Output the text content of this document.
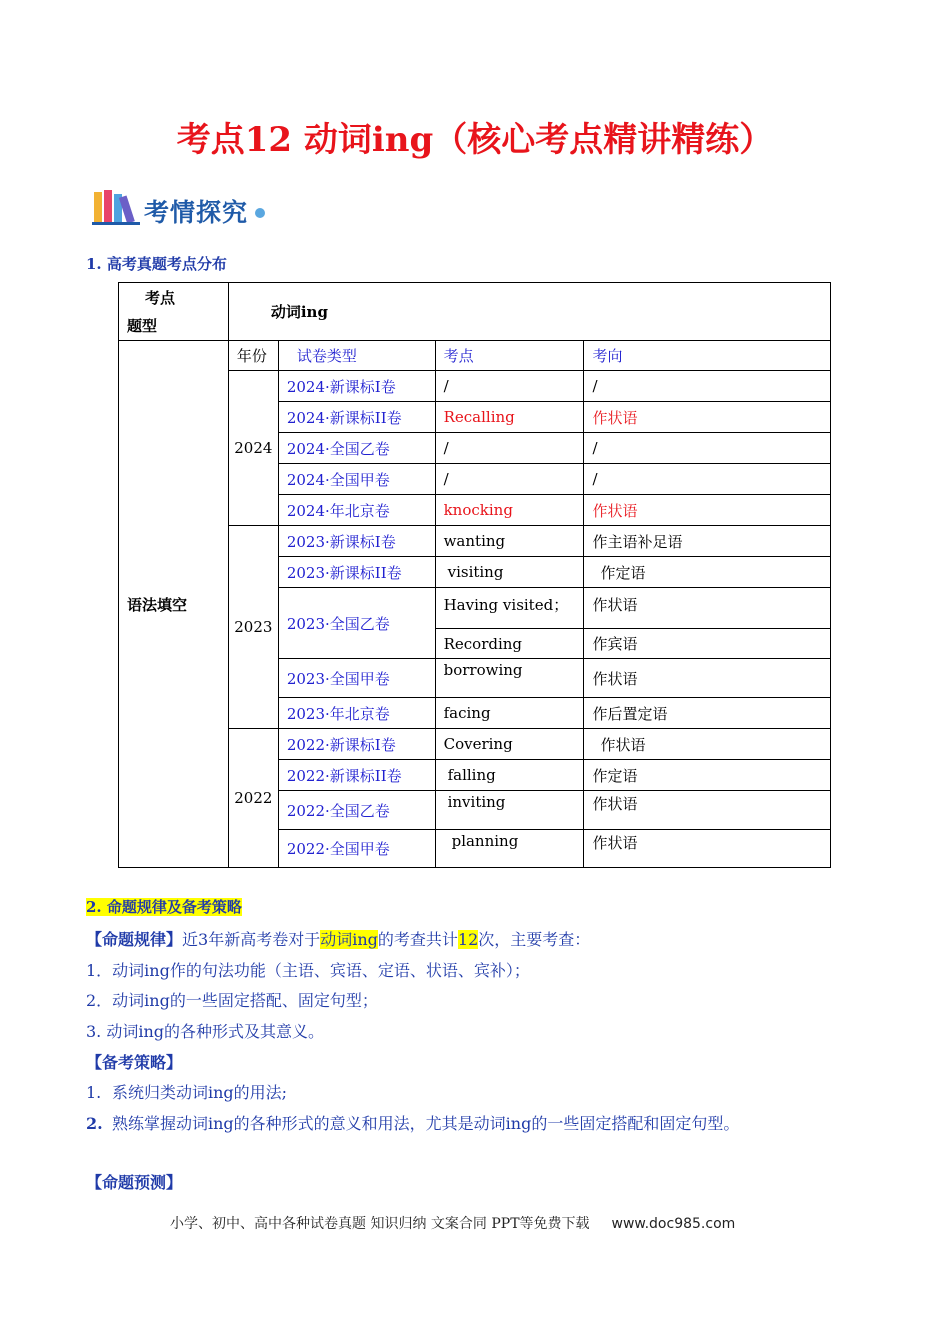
考点12 动词ing（核心考点精讲精练）
考情探究
1. 高考真题考点分布
考点
题型	动词ing			
语法填空	年份	试卷类型	考点	考向
	2024	2024·新课标I卷	/	/
		2024·新课标II卷	Recalling	作状语
		2024·全国乙卷	/	/
		2024·全国甲卷	/	/
		2024·年北京卷	knocking	作状语
	2023	2023·新课标I卷	wanting	作主语补足语
		2023·新课标II卷	visiting	作定语
		2023·全国乙卷	Having visited；	作状语
			Recording	作宾语
		2023·全国甲卷	borrowing	作状语
		2023·年北京卷	facing	作后置定语
	2022	2022·新课标I卷	Covering	作状语
		2022·新课标II卷	falling	作定语
		2022·全国乙卷	inviting	作状语
		2022·全国甲卷	planning	作状语
2. 命题规律及备考策略
【命题规律】近3年新高考卷对于动词ing的考查共计12次，主要考查：
1．动词ing作的句法功能（主语、宾语、定语、状语、宾补）；
2．动词ing的一些固定搭配、固定句型；
3. 动词ing的各种形式及其意义。
【备考策略】
1. 系统归类动词ing的用法;
2. 熟练掌握动词ing的各种形式的意义和用法，尤其是动词ing的一些固定搭配和固定句型。
【命题预测】
小学、初中、高中各种试卷真题 知识归纳 文案合同 PPT等免费下载 www.doc985.com
